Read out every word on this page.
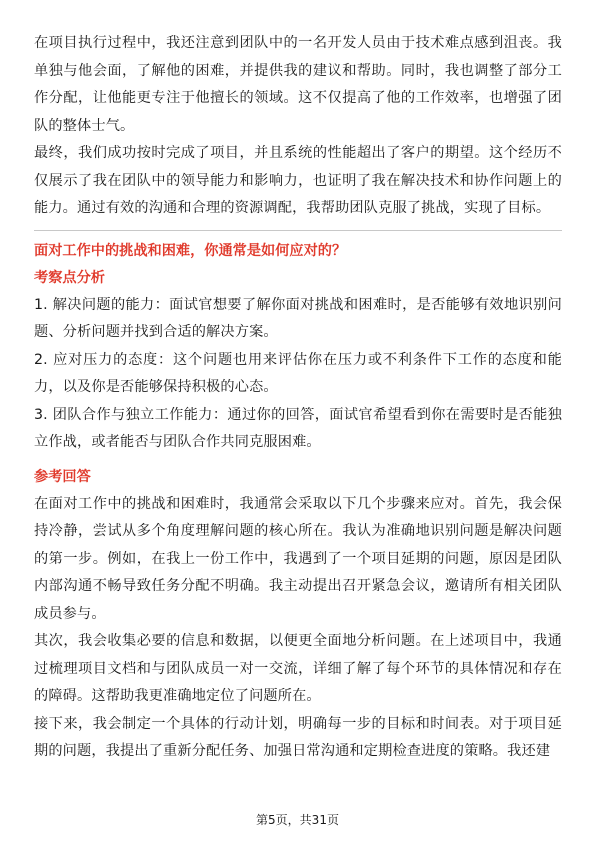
在项目执行过程中，我还注意到团队中的一名开发人员由于技术难点感到沮丧。我单独与他会面，了解他的困难，并提供我的建议和帮助。同时，我也调整了部分工作分配，让他能更专注于他擅长的领域。这不仅提高了他的工作效率，也增强了团队的整体士气。

最终，我们成功按时完成了项目，并且系统的性能超出了客户的期望。这个经历不仅展示了我在团队中的领导能力和影响力，也证明了我在解决技术和协作问题上的能力。通过有效的沟通和合理的资源调配，我帮助团队克服了挑战，实现了目标。

面对工作中的挑战和困难，你通常是如何应对的？

考察点分析

1. 解决问题的能力：面试官想要了解你面对挑战和困难时，是否能够有效地识别问题、分析问题并找到合适的解决方案。

2. 应对压力的态度：这个问题也用来评估你在压力或不利条件下工作的态度和能力，以及你是否能够保持积极的心态。

3. 团队合作与独立工作能力：通过你的回答，面试官希望看到你在需要时是否能独立作战，或者能否与团队合作共同克服困难。

参考回答

在面对工作中的挑战和困难时，我通常会采取以下几个步骤来应对。首先，我会保持冷静，尝试从多个角度理解问题的核心所在。我认为准确地识别问题是解决问题的第一步。例如，在我上一份工作中，我遇到了一个项目延期的问题，原因是团队内部沟通不畅导致任务分配不明确。我主动提出召开紧急会议，邀请所有相关团队成员参与。

其次，我会收集必要的信息和数据，以便更全面地分析问题。在上述项目中，我通过梳理项目文档和与团队成员一对一交流，详细了解了每个环节的具体情况和存在的障碍。这帮助我更准确地定位了问题所在。

接下来，我会制定一个具体的行动计划，明确每一步的目标和时间表。对于项目延期的问题，我提出了重新分配任务、加强日常沟通和定期检查进度的策略。我还建

第5页，共31页
